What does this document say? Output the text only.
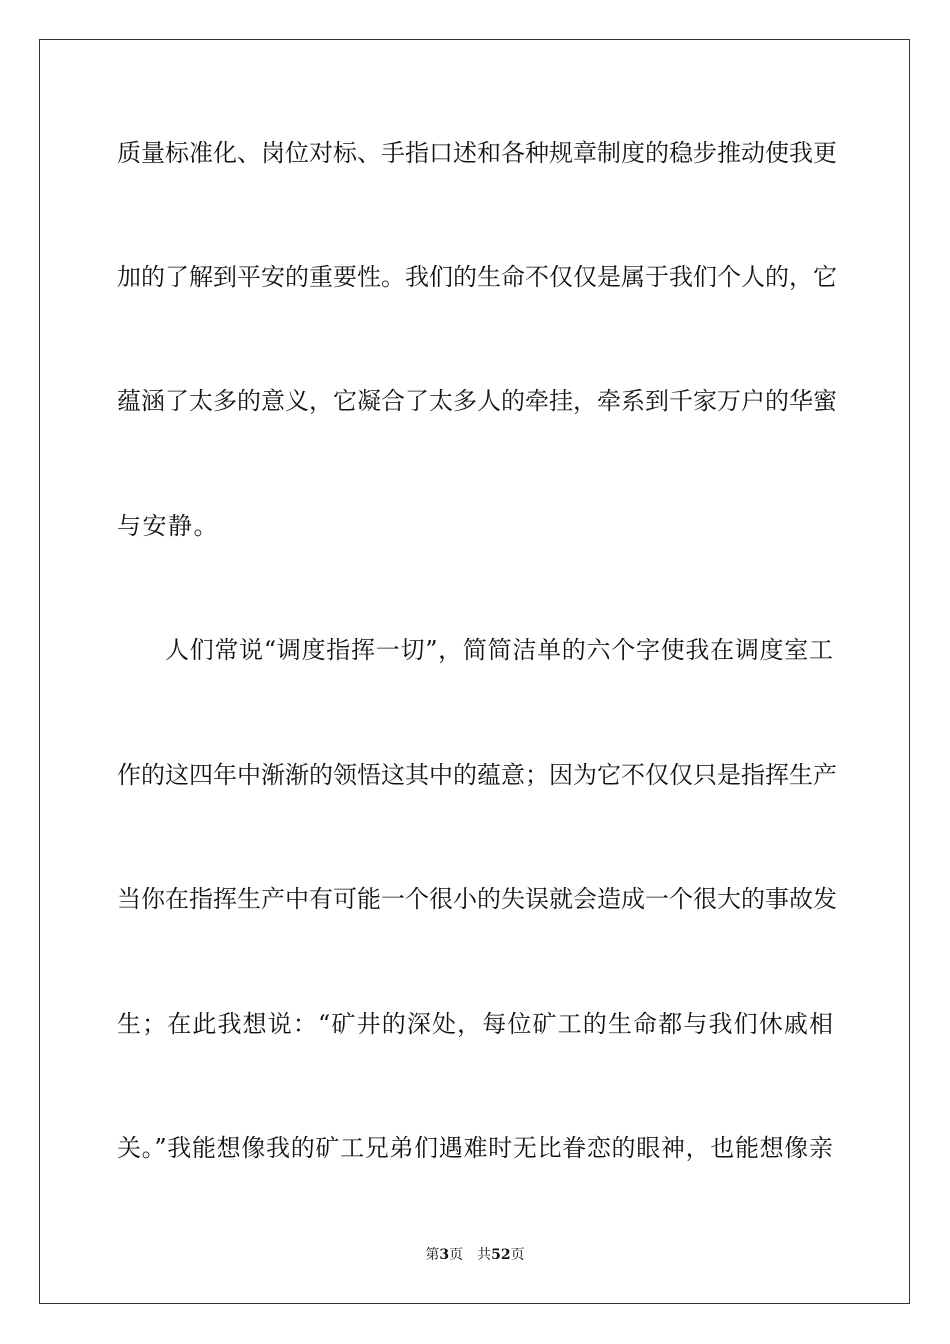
质量标准化、岗位对标、手指口述和各种规章制度的稳步推动使我更
加的了解到平安的重要性。我们的生命不仅仅是属于我们个人的，它
蕴涵了太多的意义，它凝合了太多人的牵挂，牵系到千家万户的华蜜
与安静。
人们常说“调度指挥一切”，简简洁单的六个字使我在调度室工
作的这四年中渐渐的领悟这其中的蕴意；因为它不仅仅只是指挥生产
当你在指挥生产中有可能一个很小的失误就会造成一个很大的事故发
生；在此我想说：“矿井的深处，每位矿工的生命都与我们休戚相
关。”我能想像我的矿工兄弟们遇难时无比眷恋的眼神，也能想像亲
第3页 共52页
